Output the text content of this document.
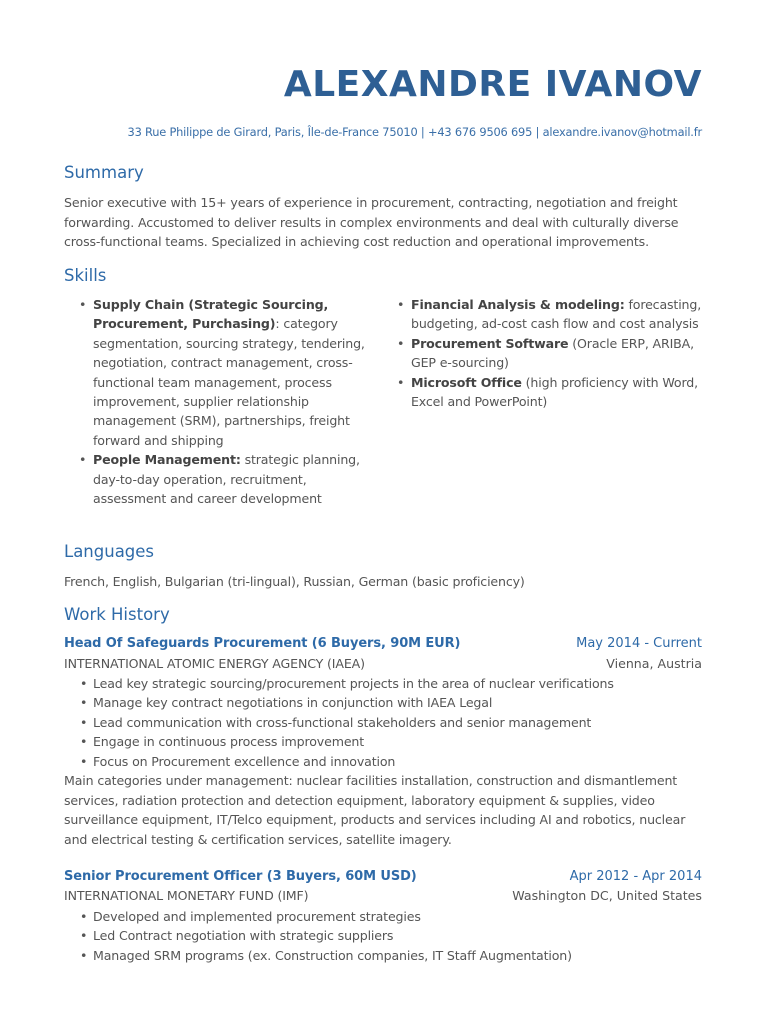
ALEXANDRE IVANOV
33 Rue Philippe de Girard, Paris, Île-de-France 75010 | +43 676 9506 695 | alexandre.ivanov@hotmail.fr
Summary

Senior executive with 15+ years of experience in procurement, contracting, negotiation and freight forwarding. Accustomed to deliver results in complex environments and deal with culturally diverse cross-functional teams. Specialized in achieving cost reduction and operational improvements.

Skills
• Supply Chain (Strategic Sourcing, Procurement, Purchasing): category segmentation, sourcing strategy, tendering, negotiation, contract management, cross-functional team management, process improvement, supplier relationship management (SRM), partnerships, freight forward and shipping
• People Management: strategic planning, day-to-day operation, recruitment, assessment and career development
• Financial Analysis & modeling: forecasting, budgeting, ad-cost cash flow and cost analysis
• Procurement Software (Oracle ERP, ARIBA, GEP e-sourcing)
• Microsoft Office (high proficiency with Word, Excel and PowerPoint)
Languages

French, English, Bulgarian (tri-lingual), Russian, German (basic proficiency)

Work History
Head Of Safeguards Procurement (6 Buyers, 90M EUR)	May 2014 - Current
INTERNATIONAL ATOMIC ENERGY AGENCY (IAEA)	Vienna, Austria
• Lead key strategic sourcing/procurement projects in the area of nuclear verifications
• Manage key contract negotiations in conjunction with IAEA Legal
• Lead communication with cross-functional stakeholders and senior management
• Engage in continuous process improvement
• Focus on Procurement excellence and innovation

Main categories under management: nuclear facilities installation, construction and dismantlement services, radiation protection and detection equipment, laboratory equipment & supplies, video surveillance equipment, IT/Telco equipment, products and services including AI and robotics, nuclear and electrical testing & certification services, satellite imagery.

Senior Procurement Officer (3 Buyers, 60M USD)	Apr 2012 - Apr 2014
INTERNATIONAL MONETARY FUND (IMF)	Washington DC, United States
• Developed and implemented procurement strategies
• Led Contract negotiation with strategic suppliers
• Managed SRM programs (ex. Construction companies, IT Staff Augmentation)
